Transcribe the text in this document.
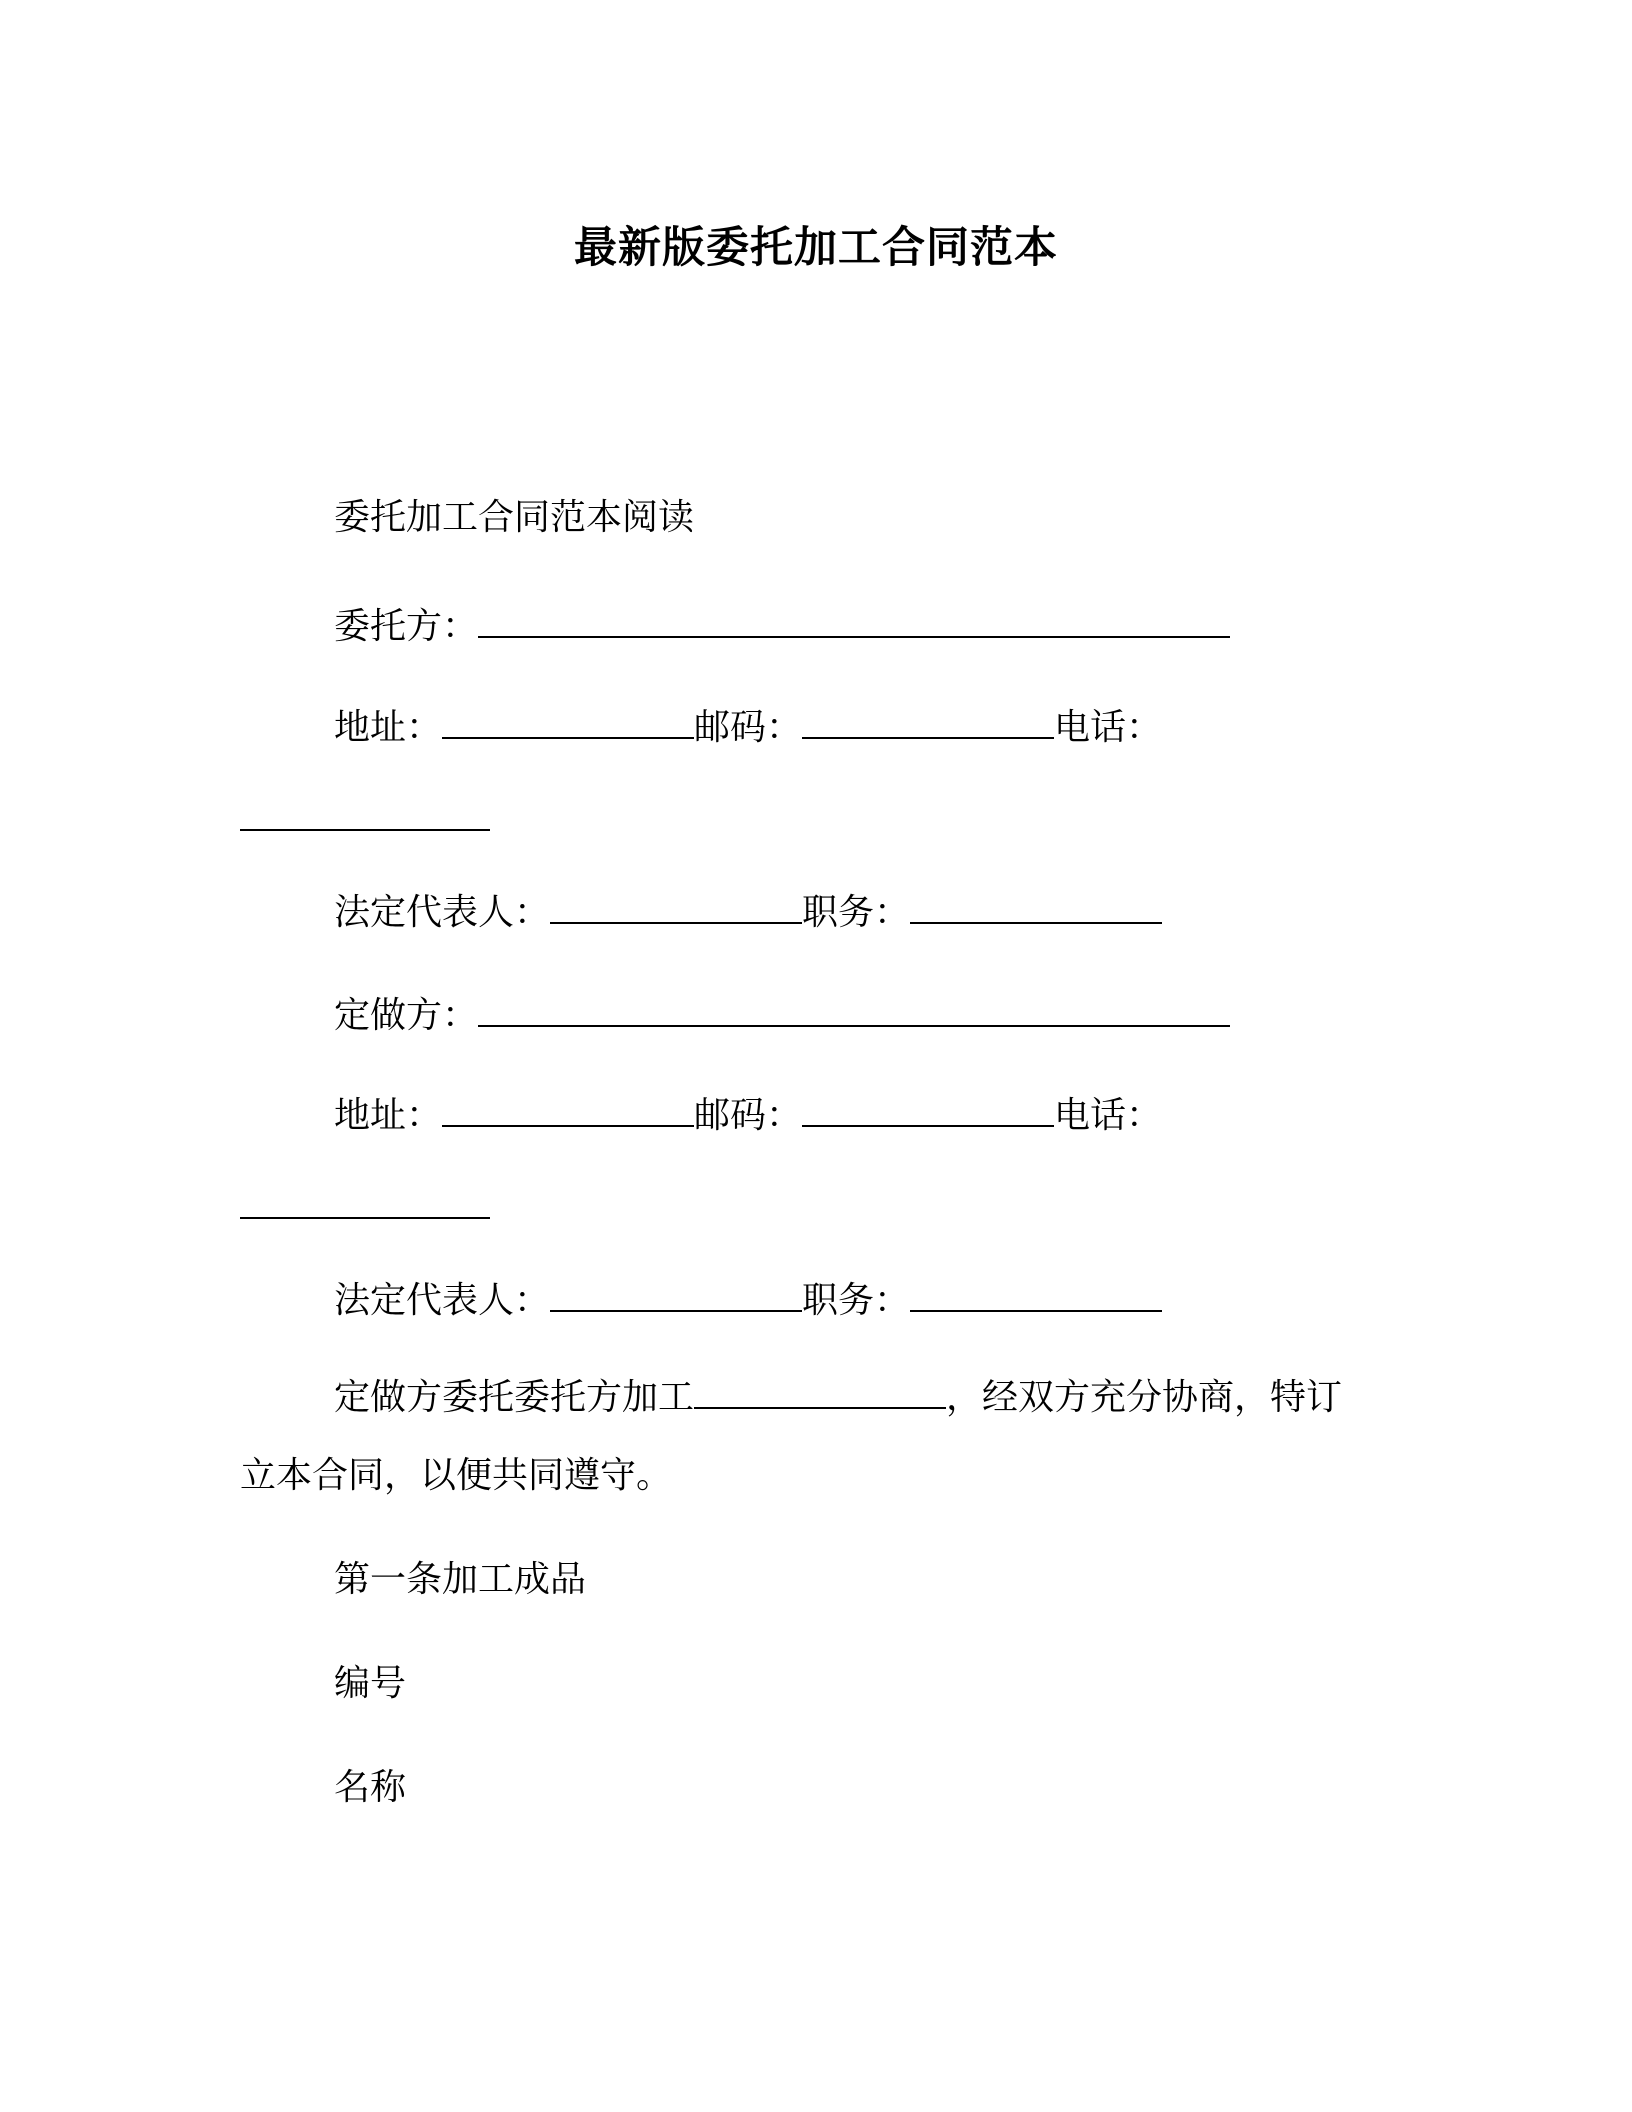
最新版委托加工合同范本

委托加工合同范本阅读

委托方：

地址：	邮码：	电话：

法定代表人：	职务：

定做方：

地址：	邮码：	电话：

法定代表人：	职务：

定做方委托委托方加工	，经双方充分协商，特订

立本合同，以便共同遵守。

第一条加工成品

编号

名称
